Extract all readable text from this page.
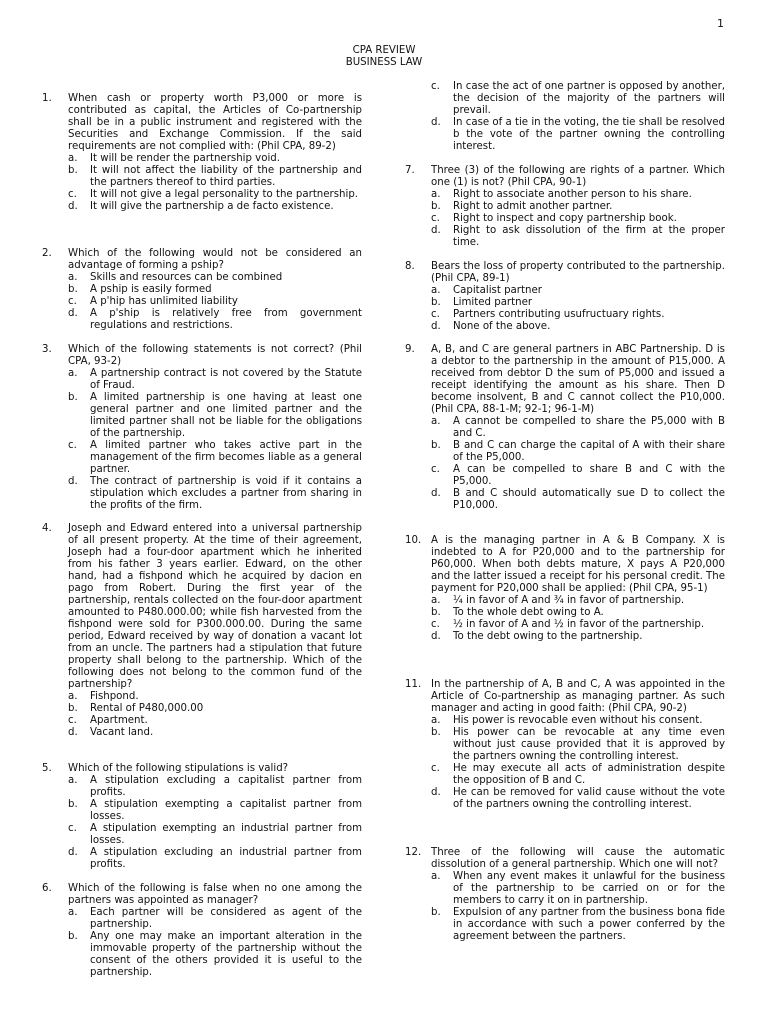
1
CPA REVIEW
BUSINESS LAW
1.	When cash or property worth P3,000 or more is contributed as capital, the Articles of Co-partnership shall be in a public instrument and registered with the Securities and Exchange Commission. If the said requirements are not complied with: (Phil CPA, 89-2)
a.	It will be render the partnership void.
b.	It will not affect the liability of the partnership and the partners thereof to third parties.
c.	It will not give a legal personality to the partnership.
d.	It will give the partnership a de facto existence.
2.	Which of the following would not be considered an advantage of forming a pship?
a.	Skills and resources can be combined
b.	A pship is easily formed
c.	A p'hip has unlimited liability
d.	A p'ship is relatively free from government regulations and restrictions.
3.	Which of the following statements is not correct? (Phil CPA, 93-2)
a.	A partnership contract is not covered by the Statute of Fraud.
b.	A limited partnership is one having at least one general partner and one limited partner and the limited partner shall not be liable for the obligations of the partnership.
c.	A limited partner who takes active part in the management of the firm becomes liable as a general partner.
d.	The contract of partnership is void if it contains a stipulation which excludes a partner from sharing in the profits of the firm.
4.	Joseph and Edward entered into a universal partnership of all present property. At the time of their agreement, Joseph had a four-door apartment which he inherited from his father 3 years earlier. Edward, on the other hand, had a fishpond which he acquired by dacion en pago from Robert. During the first year of the partnership, rentals collected on the four-door apartment amounted to P480.000.00; while fish harvested from the fishpond were sold for P300.000.00. During the same period, Edward received by way of donation a vacant lot from an uncle. The partners had a stipulation that future property shall belong to the partnership. Which of the following does not belong to the common fund of the partnership?
a.	Fishpond.
b.	Rental of P480,000.00
c.	Apartment.
d.	Vacant land.
5.	Which of the following stipulations is valid?
a.	A stipulation excluding a capitalist partner from profits.
b.	A stipulation exempting a capitalist partner from losses.
c.	A stipulation exempting an industrial partner from losses.
d.	A stipulation excluding an industrial partner from profits.
6.	Which of the following is false when no one among the partners was appointed as manager?
a.	Each partner will be considered as agent of the partnership.
b.	Any one may make an important alteration in the immovable property of the partnership without the consent of the others provided it is useful to the partnership.
c.	In case the act of one partner is opposed by another, the decision of the majority of the partners will prevail.
d.	In case of a tie in the voting, the tie shall be resolved b the vote of the partner owning the controlling interest.
7.	Three (3) of the following are rights of a partner. Which one (1) is not? (Phil CPA, 90-1)
a.	Right to associate another person to his share.
b.	Right to admit another partner.
c.	Right to inspect and copy partnership book.
d.	Right to ask dissolution of the firm at the proper time.
8.	Bears the loss of property contributed to the partnership. (Phil CPA, 89-1)
a.	Capitalist partner
b.	Limited partner
c.	Partners contributing usufructuary rights.
d.	None of the above.
9.	A, B, and C are general partners in ABC Partnership. D is a debtor to the partnership in the amount of P15,000. A received from debtor D the sum of P5,000 and issued a receipt identifying the amount as his share. Then D become insolvent, B and C cannot collect the P10,000. (Phil CPA, 88-1-M; 92-1; 96-1-M)
a.	A cannot be compelled to share the P5,000 with B and C.
b.	B and C can charge the capital of A with their share of the P5,000.
c.	A can be compelled to share B and C with the P5,000.
d.	B and C should automatically sue D to collect the P10,000.
10. A is the managing partner in A & B Company. X is indebted to A for P20,000 and to the partnership for P60,000. When both debts mature, X pays A P20,000 and the latter issued a receipt for his personal credit. The payment for P20,000 shall be applied: (Phil CPA, 95-1)
a.	¼ in favor of A and ¾ in favor of partnership.
b.	To the whole debt owing to A.
c.	½ in favor of A and ½ in favor of the partnership.
d.	To the debt owing to the partnership.
11. In the partnership of A, B and C, A was appointed in the Article of Co-partnership as managing partner. As such manager and acting in good faith: (Phil CPA, 90-2)
a.	His power is revocable even without his consent.
b.	His power can be revocable at any time even without just cause provided that it is approved by the partners owning the controlling interest.
c.	He may execute all acts of administration despite the opposition of B and C.
d.	He can be removed for valid cause without the vote of the partners owning the controlling interest.
12. Three of the following will cause the automatic dissolution of a general partnership. Which one will not?
a.	When any event makes it unlawful for the business of the partnership to be carried on or for the members to carry it on in partnership.
b.	Expulsion of any partner from the business bona fide in accordance with such a power conferred by the agreement between the partners.
